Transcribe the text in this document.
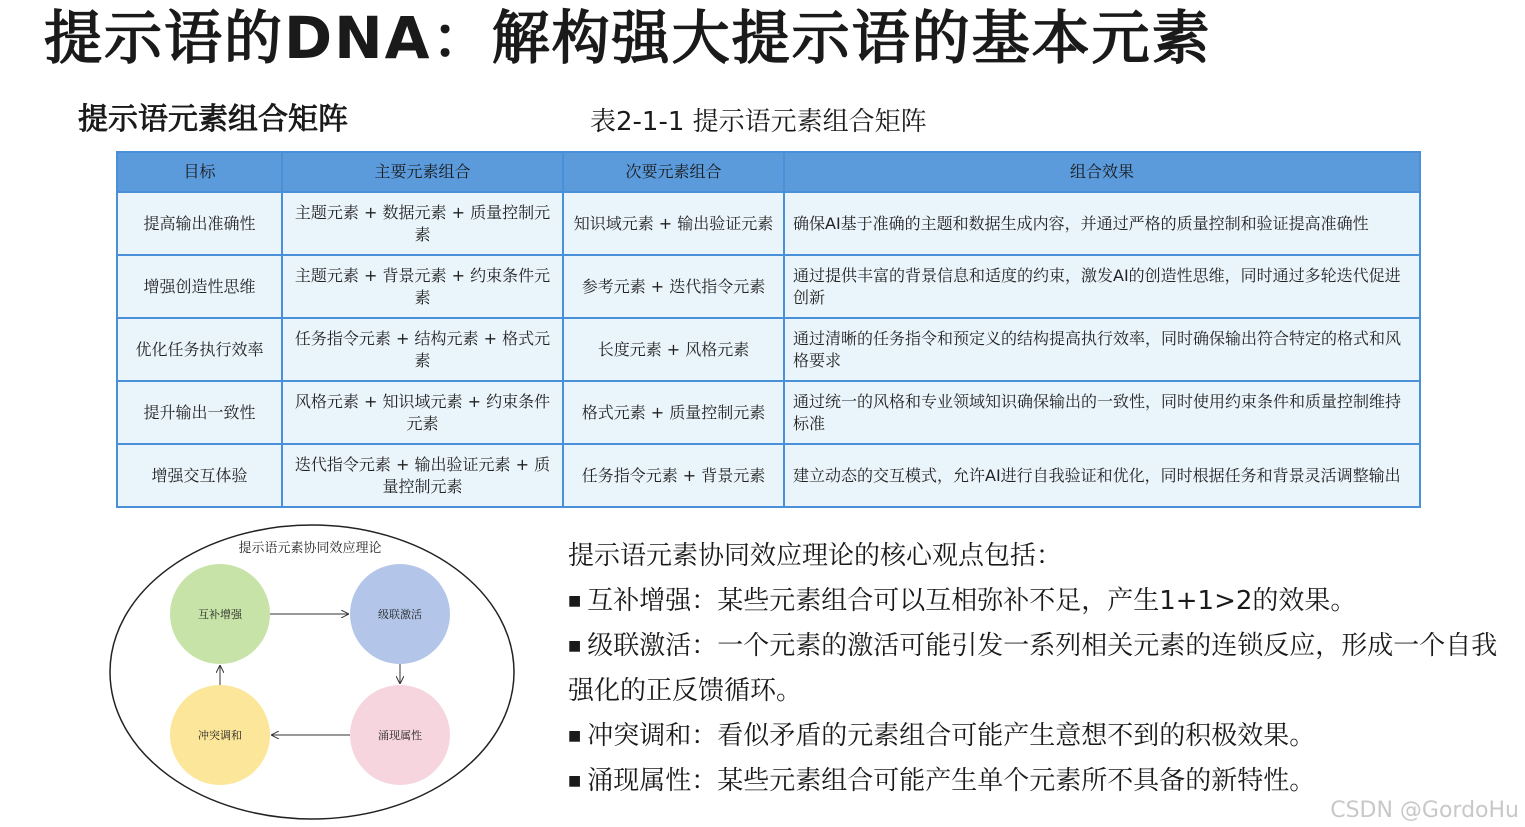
提示语的DNA：解构强大提示语的基本元素
提示语元素组合矩阵	表2-1-1 提示语元素组合矩阵
目标	主要元素组合	次要元素组合	组合效果
提高输出准确性	主题元素 + 数据元素 + 质量控制元素	知识域元素 + 输出验证元素	确保AI基于准确的主题和数据生成内容，并通过严格的质量控制和验证提高准确性
增强创造性思维	主题元素 + 背景元素 + 约束条件元素	参考元素 + 迭代指令元素	通过提供丰富的背景信息和适度的约束，激发AI的创造性思维，同时通过多轮迭代促进创新
优化任务执行效率	任务指令元素 + 结构元素 + 格式元素	长度元素 + 风格元素	通过清晰的任务指令和预定义的结构提高执行效率，同时确保输出符合特定的格式和风格要求
提升输出一致性	风格元素 + 知识域元素 + 约束条件元素	格式元素 + 质量控制元素	通过统一的风格和专业领域知识确保输出的一致性，同时使用约束条件和质量控制维持标准
增强交互体验	迭代指令元素 + 输出验证元素 + 质量控制元素	任务指令元素 + 背景元素	建立动态的交互模式，允许AI进行自我验证和优化，同时根据任务和背景灵活调整输出
提示语元素协同效应理论
互补增强	级联激活
涌现属性
冲突调和
提示语元素协同效应理论的核心观点包括：
■ 互补增强：某些元素组合可以互相弥补不足，产生1+1>2的效果。
■ 级联激活：一个元素的激活可能引发一系列相关元素的连锁反应，形成一个自我强化的正反馈循环。
■ 冲突调和：看似矛盾的元素组合可能产生意想不到的积极效果。
■ 涌现属性：某些元素组合可能产生单个元素所不具备的新特性。
CSDN @GordoHu
